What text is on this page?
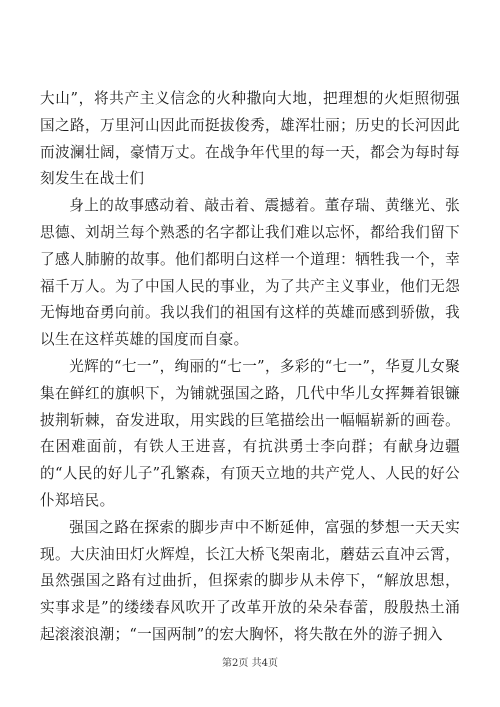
大山”，将共产主义信念的火种撒向大地，把理想的火炬照彻强国之路，万里河山因此而挺拔俊秀，雄浑壮丽；历史的长河因此而波澜壮阔，豪情万丈。在战争年代里的每一天，都会为每时每刻发生在战士们

身上的故事感动着、敲击着、震撼着。董存瑞、黄继光、张思德、刘胡兰每个熟悉的名字都让我们难以忘怀，都给我们留下了感人肺腑的故事。他们都明白这样一个道理：牺牲我一个，幸福千万人。为了中国人民的事业，为了共产主义事业，他们无怨无悔地奋勇向前。我以我们的祖国有这样的英雄而感到骄傲，我以生在这样英雄的国度而自豪。

光辉的“七一”，绚丽的“七一”，多彩的“七一”，华夏儿女聚集在鲜红的旗帜下，为铺就强国之路，几代中华儿女挥舞着银镰披荆斩棘，奋发进取，用实践的巨笔描绘出一幅幅崭新的画卷。在困难面前，有铁人王进喜，有抗洪勇士李向群；有献身边疆的“人民的好儿子”孔繁森，有顶天立地的共产党人、人民的好公仆郑培民。

强国之路在探索的脚步声中不断延伸，富强的梦想一天天实现。大庆油田灯火辉煌，长江大桥飞架南北，蘑菇云直冲云霄，虽然强国之路有过曲折，但探索的脚步从未停下，“解放思想，实事求是”的缕缕春风吹开了改革开放的朵朵春蕾，殷殷热土涌起滚滚浪潮；“一国两制”的宏大胸怀，将失散在外的游子拥入

第2页 共4页
